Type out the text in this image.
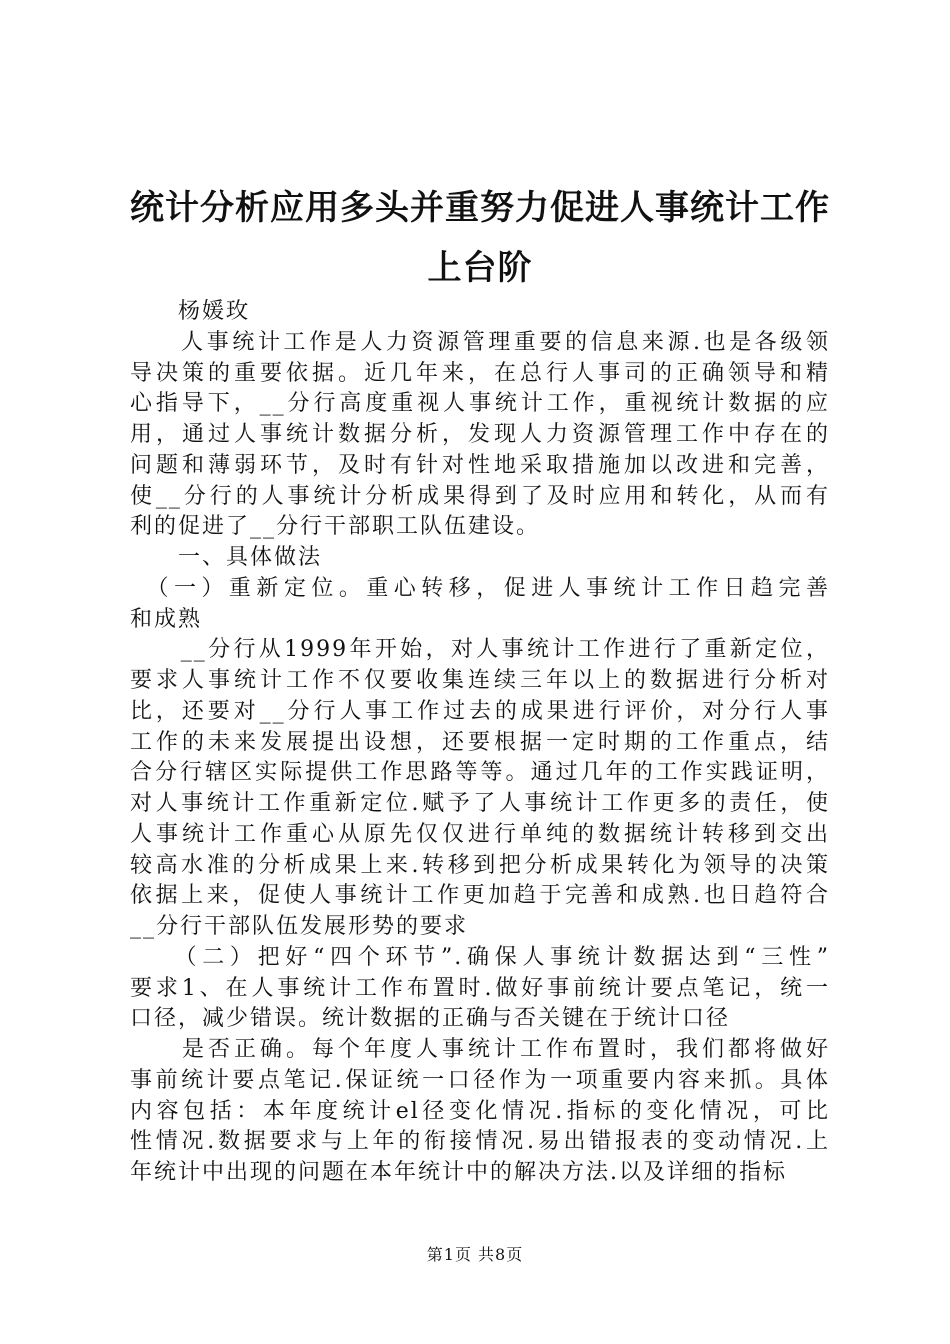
统计分析应用多头并重努力促进人事统计工作
上台阶
　　杨媛玫
　　人事统计工作是人力资源管理重要的信息来源.也是各级领
导决策的重要依据。近几年来，在总行人事司的正确领导和精
心指导下，__分行高度重视人事统计工作，重视统计数据的应
用，通过人事统计数据分析，发现人力资源管理工作中存在的
问题和薄弱环节，及时有针对性地采取措施加以改进和完善，
使__分行的人事统计分析成果得到了及时应用和转化，从而有
利的促进了__分行干部职工队伍建设。
　　一、具体做法
　（一）重新定位。重心转移，促进人事统计工作日趋完善
和成熟
　　__分行从1999年开始，对人事统计工作进行了重新定位，
要求人事统计工作不仅要收集连续三年以上的数据进行分析对
比，还要对__分行人事工作过去的成果进行评价，对分行人事
工作的未来发展提出设想，还要根据一定时期的工作重点，结
合分行辖区实际提供工作思路等等。通过几年的工作实践证明，
对人事统计工作重新定位.赋予了人事统计工作更多的责任，使
人事统计工作重心从原先仅仅进行单纯的数据统计转移到交出
较高水准的分析成果上来.转移到把分析成果转化为领导的决策
依据上来，促使人事统计工作更加趋于完善和成熟.也日趋符合
__分行干部队伍发展形势的要求
　　（二）把好“四个环节”.确保人事统计数据达到“三性”
要求1、在人事统计工作布置时.做好事前统计要点笔记，统一
口径，减少错误。统计数据的正确与否关键在于统计口径
　　是否正确。每个年度人事统计工作布置时，我们都将做好
事前统计要点笔记.保证统一口径作为一项重要内容来抓。具体
内容包括：本年度统计el径变化情况.指标的变化情况，可比
性情况.数据要求与上年的衔接情况.易出错报表的变动情况.上
年统计中出现的问题在本年统计中的解决方法.以及详细的指标
第1页 共8页
